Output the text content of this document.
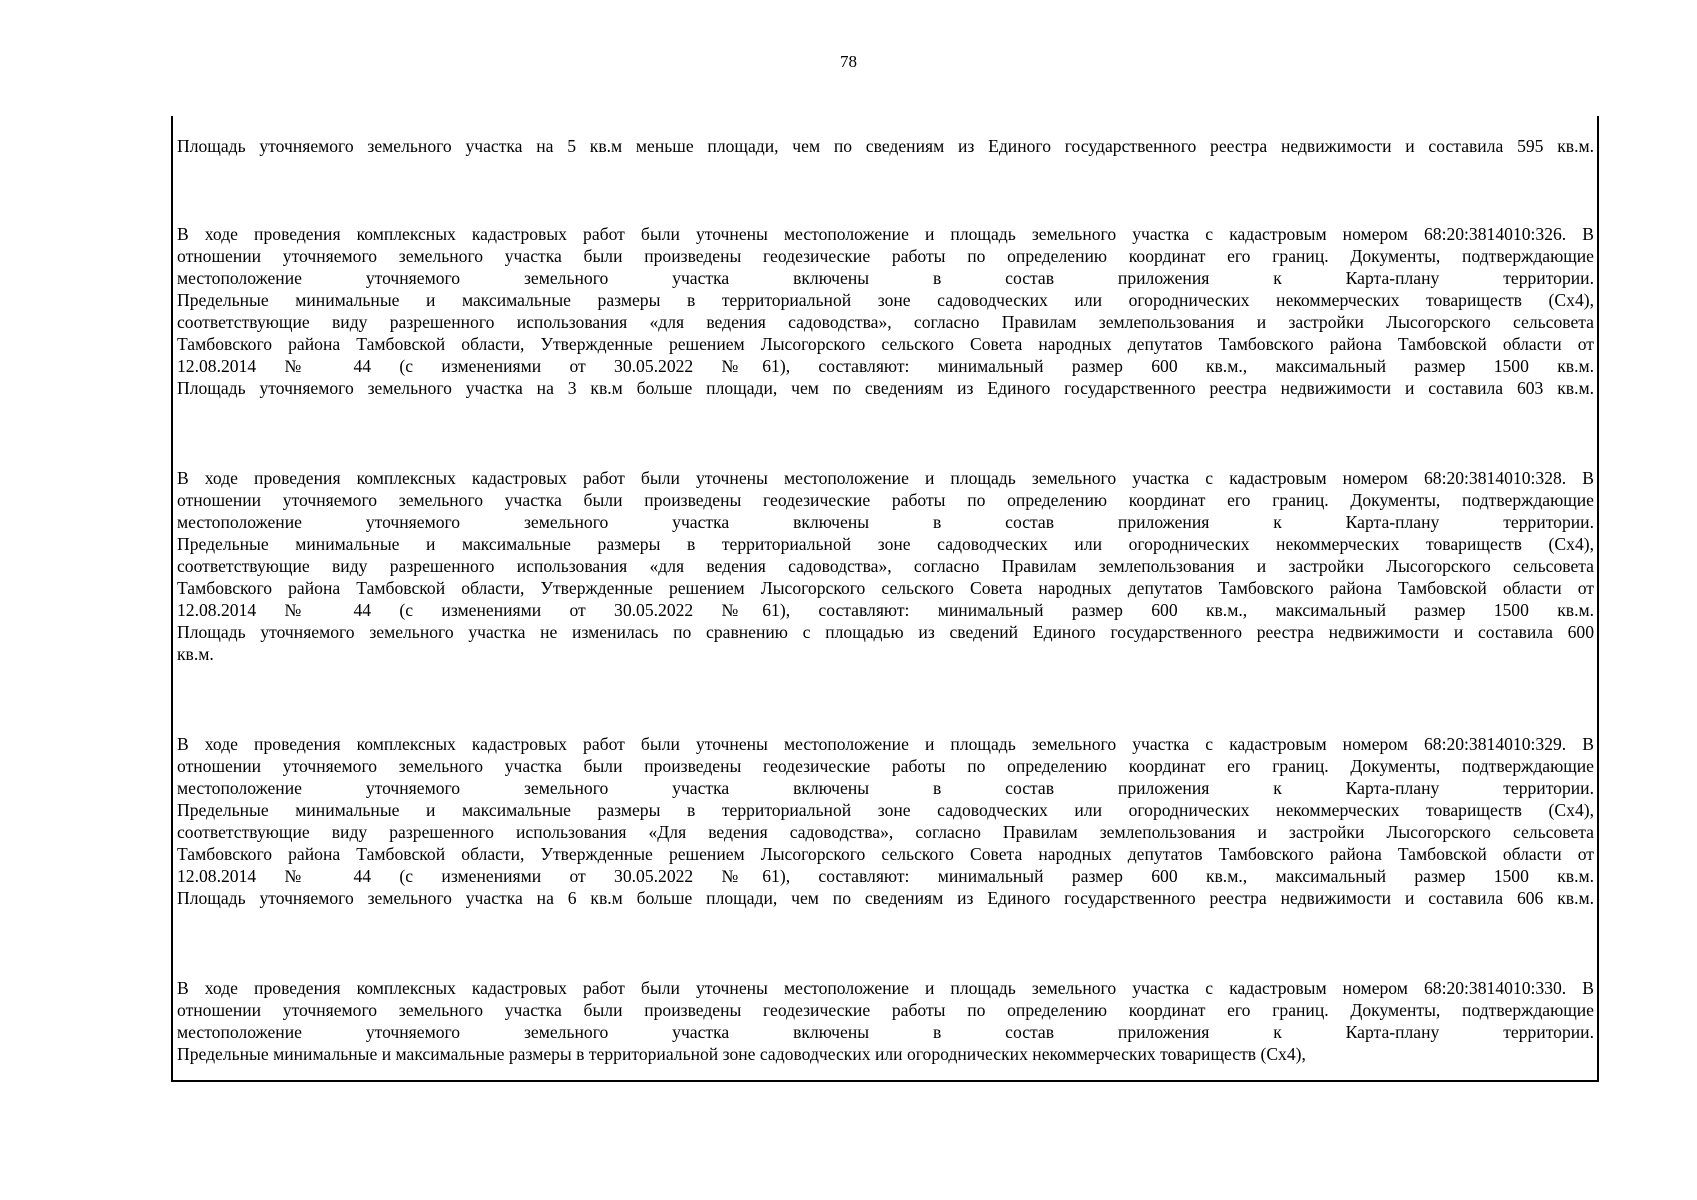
78
Площадь уточняемого земельного участка на 5 кв.м меньше площади, чем по сведениям из Единого государственного реестра недвижимости и составила 595 кв.м.
В ходе проведения комплексных кадастровых работ были уточнены местоположение и площадь земельного участка с кадастровым номером 68:20:3814010:326. В
отношении уточняемого земельного участка были произведены геодезические работы по определению координат его границ. Документы, подтверждающие
местоположение уточняемого земельного участка включены в состав приложения к Карта-плану территории.
Предельные минимальные и максимальные размеры в территориальной зоне садоводческих или огороднических некоммерческих товариществ (Сх4),
соответствующие виду разрешенного использования «для ведения садоводства», согласно Правилам землепользования и застройки Лысогорского сельсовета
Тамбовского района Тамбовской области, Утвержденные решением Лысогорского сельского Совета народных депутатов Тамбовского района Тамбовской области от
12.08.2014 № 44 (с изменениями от 30.05.2022 №61), составляют: минимальный размер 600 кв.м., максимальный размер 1500 кв.м.
Площадь уточняемого земельного участка на 3 кв.м больше площади, чем по сведениям из Единого государственного реестра недвижимости и составила 603 кв.м.
В ходе проведения комплексных кадастровых работ были уточнены местоположение и площадь земельного участка с кадастровым номером 68:20:3814010:328. В
отношении уточняемого земельного участка были произведены геодезические работы по определению координат его границ. Документы, подтверждающие
местоположение уточняемого земельного участка включены в состав приложения к Карта-плану территории.
Предельные минимальные и максимальные размеры в территориальной зоне садоводческих или огороднических некоммерческих товариществ (Сх4),
соответствующие виду разрешенного использования «для ведения садоводства», согласно Правилам землепользования и застройки Лысогорского сельсовета
Тамбовского района Тамбовской области, Утвержденные решением Лысогорского сельского Совета народных депутатов Тамбовского района Тамбовской области от
12.08.2014 № 44 (с изменениями от 30.05.2022 №61), составляют: минимальный размер 600 кв.м., максимальный размер 1500 кв.м.
Площадь уточняемого земельного участка не изменилась по сравнению с площадью из сведений Единого государственного реестра недвижимости и составила 600
кв.м.
В ходе проведения комплексных кадастровых работ были уточнены местоположение и площадь земельного участка с кадастровым номером 68:20:3814010:329. В
отношении уточняемого земельного участка были произведены геодезические работы по определению координат его границ. Документы, подтверждающие
местоположение уточняемого земельного участка включены в состав приложения к Карта-плану территории.
Предельные минимальные и максимальные размеры в территориальной зоне садоводческих или огороднических некоммерческих товариществ (Сх4),
соответствующие виду разрешенного использования «Для ведения садоводства», согласно Правилам землепользования и застройки Лысогорского сельсовета
Тамбовского района Тамбовской области, Утвержденные решением Лысогорского сельского Совета народных депутатов Тамбовского района Тамбовской области от
12.08.2014 № 44 (с изменениями от 30.05.2022 №61), составляют: минимальный размер 600 кв.м., максимальный размер 1500 кв.м.
Площадь уточняемого земельного участка на 6 кв.м больше площади, чем по сведениям из Единого государственного реестра недвижимости и составила 606 кв.м.
В ходе проведения комплексных кадастровых работ были уточнены местоположение и площадь земельного участка с кадастровым номером 68:20:3814010:330. В
отношении уточняемого земельного участка были произведены геодезические работы по определению координат его границ. Документы, подтверждающие
местоположение уточняемого земельного участка включены в состав приложения к Карта-плану территории.
Предельные минимальные и максимальные размеры в территориальной зоне садоводческих или огороднических некоммерческих товариществ (Сх4),
